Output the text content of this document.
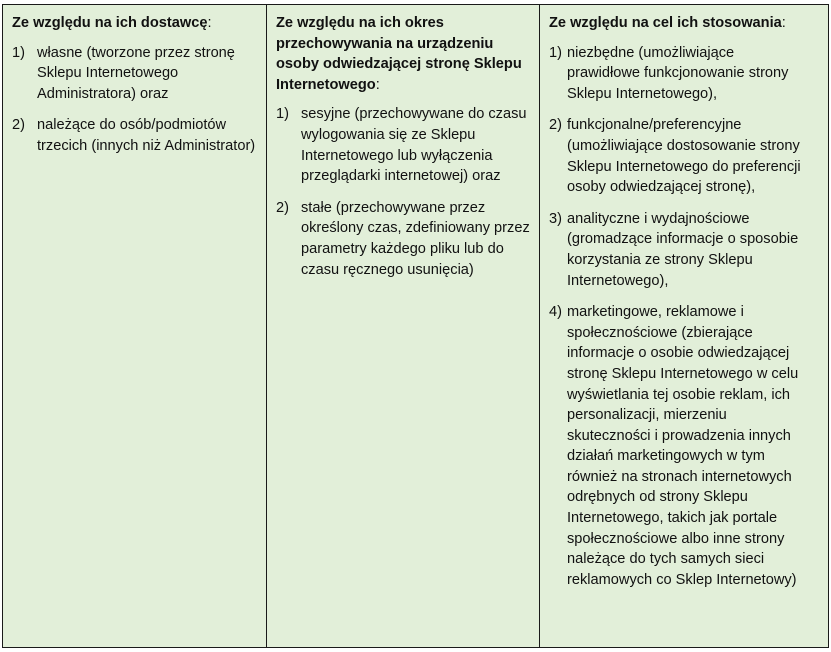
Ze względu na ich dostawcę:

1) własne (tworzone przez stronę Sklepu Internetowego Administratora) oraz
2) należące do osób/podmiotów trzecich (innych niż Administrator)

Ze względu na ich okres przechowywania na urządzeniu osoby odwiedzającej stronę Sklepu Internetowego:

1) sesyjne (przechowywane do czasu wylogowania się ze Sklepu Internetowego lub wyłączenia przeglądarki internetowej) oraz
2) stałe (przechowywane przez określony czas, zdefiniowany przez parametry każdego pliku lub do czasu ręcznego usunięcia)

Ze względu na cel ich stosowania:

1) niezbędne (umożliwiające prawidłowe funkcjonowanie strony Sklepu Internetowego),
2) funkcjonalne/preferencyjne (umożliwiające dostosowanie strony Sklepu Internetowego do preferencji osoby odwiedzającej stronę),
3) analityczne i wydajnościowe (gromadzące informacje o sposobie korzystania ze strony Sklepu Internetowego),
4) marketingowe, reklamowe i społecznościowe (zbierające informacje o osobie odwiedzającej stronę Sklepu Internetowego w celu wyświetlania tej osobie reklam, ich personalizacji, mierzeniu skuteczności i prowadzenia innych działań marketingowych w tym również na stronach internetowych odrębnych od strony Sklepu Internetowego, takich jak portale społecznościowe albo inne strony należące do tych samych sieci reklamowych co Sklep Internetowy)
